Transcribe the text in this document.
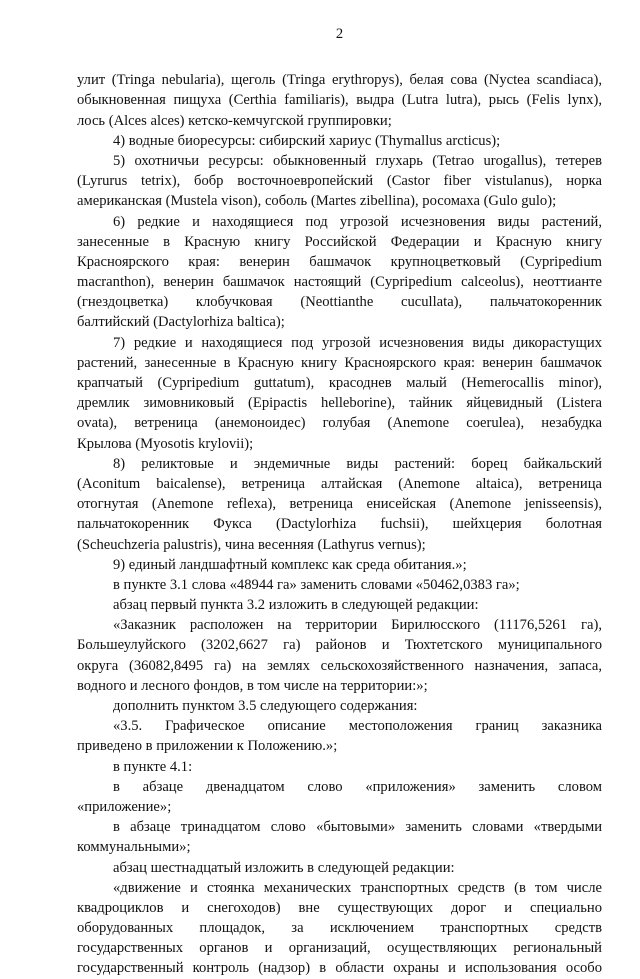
2
улит (Tringa nebularia), щеголь (Tringa erythropys), белая сова (Nyctea scandiaca),
обыкновенная пищуха (Certhia familiaris), выдра (Lutra lutra), рысь (Felis lynx),
лось (Alces alces) кетско-кемчугской группировки;
4) водные биоресурсы: сибирский хариус (Thymallus arcticus);
5) охотничьи ресурсы: обыкновенный глухарь (Tetrao urogallus), тетерев
(Lyrurus tetrix), бобр восточноевропейский (Castor fiber vistulanus), норка
американская (Mustela vison), соболь (Martes zibellina), росомаха (Gulo gulo);
6) редкие и находящиеся под угрозой исчезновения виды растений,
занесенные в Красную книгу Российской Федерации и Красную книгу
Красноярского края: венерин башмачок крупноцветковый (Cypripedium
macranthon), венерин башмачок настоящий (Cypripedium calceolus), неоттианте
(гнездоцветка) клобучковая (Neottianthe cucullata), пальчатокоренник
балтийский (Dactylorhiza baltica);
7) редкие и находящиеся под угрозой исчезновения виды дикорастущих
растений, занесенные в Красную книгу Красноярского края: венерин башмачок
крапчатый (Cypripedium guttatum), красоднев малый (Hemerocallis minor),
дремлик зимовниковый (Epipactis helleborine), тайник яйцевидный (Listera
ovata), ветреница (анемоноидес) голубая (Anemone coerulea), незабудка
Крылова (Myosotis krylovii);
8) реликтовые и эндемичные виды растений: борец байкальский
(Aconitum baicalense), ветреница алтайская (Anemone altaica), ветреница
отогнутая (Anemone reflexa), ветреница енисейская (Anemone jenisseensis),
пальчатокоренник Фукса (Dactylorhiza fuchsii), шейхцерия болотная
(Scheuchzeria palustris), чина весенняя (Lathyrus vernus);
9) единый ландшафтный комплекс как среда обитания.»;
в пункте 3.1 слова «48944 га» заменить словами «50462,0383 га»;
абзац первый пункта 3.2 изложить в следующей редакции:
«Заказник расположен на территории Бирилюсского (11176,5261 га),
Большеулуйского (3202,6627 га) районов и Тюхтетского муниципального
округа (36082,8495 га) на землях сельскохозяйственного назначения, запаса,
водного и лесного фондов, в том числе на территории:»;
дополнить пунктом 3.5 следующего содержания:
«3.5. Графическое описание местоположения границ заказника
приведено в приложении к Положению.»;
в пункте 4.1:
в абзаце двенадцатом слово «приложения» заменить словом
«приложение»;
в абзаце тринадцатом слово «бытовыми» заменить словами «твердыми
коммунальными»;
абзац шестнадцатый изложить в следующей редакции:
«движение и стоянка механических транспортных средств (в том числе
квадроциклов и снегоходов) вне существующих дорог и специально
оборудованных площадок, за исключением транспортных средств
государственных органов и организаций, осуществляющих региональный
государственный контроль (надзор) в области охраны и использования особо
